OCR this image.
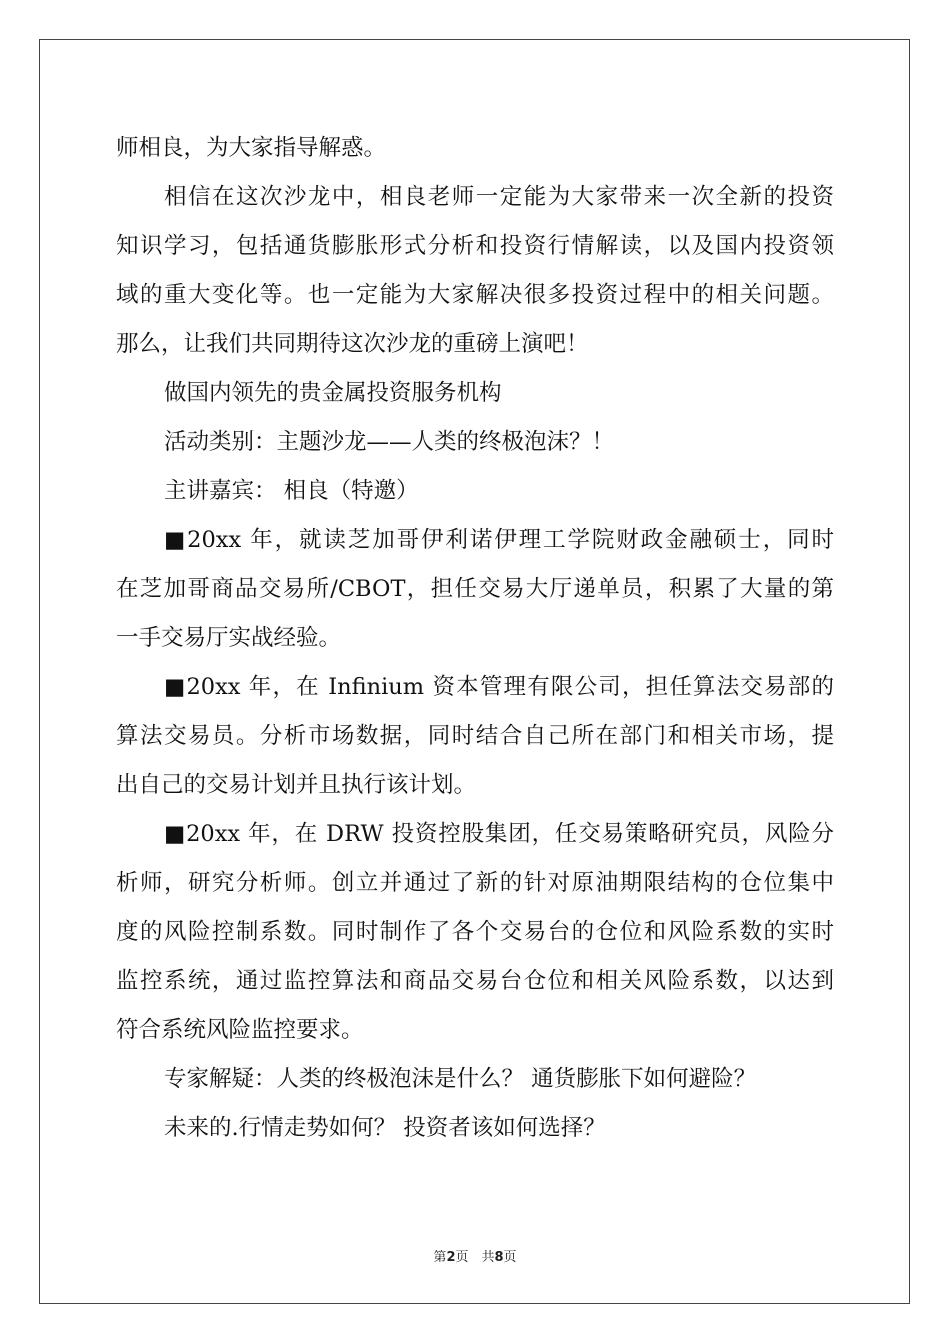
师相良，为大家指导解惑。
相信在这次沙龙中，相良老师一定能为大家带来一次全新的投资
知识学习，包括通货膨胀形式分析和投资行情解读，以及国内投资领
域的重大变化等。也一定能为大家解决很多投资过程中的相关问题。
那么，让我们共同期待这次沙龙的重磅上演吧！
做国内领先的贵金属投资服务机构
活动类别：主题沙龙——人类的终极泡沫？！
主讲嘉宾： 相良（特邀）
■20xx 年，就读芝加哥伊利诺伊理工学院财政金融硕士，同时
在芝加哥商品交易所/CBOT，担任交易大厅递单员，积累了大量的第
一手交易厅实战经验。
■20xx 年，在 Infinium 资本管理有限公司，担任算法交易部的
算法交易员。分析市场数据，同时结合自己所在部门和相关市场，提
出自己的交易计划并且执行该计划。
■20xx 年，在 DRW 投资控股集团，任交易策略研究员，风险分
析师，研究分析师。创立并通过了新的针对原油期限结构的仓位集中
度的风险控制系数。同时制作了各个交易台的仓位和风险系数的实时
监控系统，通过监控算法和商品交易台仓位和相关风险系数，以达到
符合系统风险监控要求。
专家解疑：人类的终极泡沫是什么？ 通货膨胀下如何避险？
未来的.行情走势如何？ 投资者该如何选择？
第2页　共8页
